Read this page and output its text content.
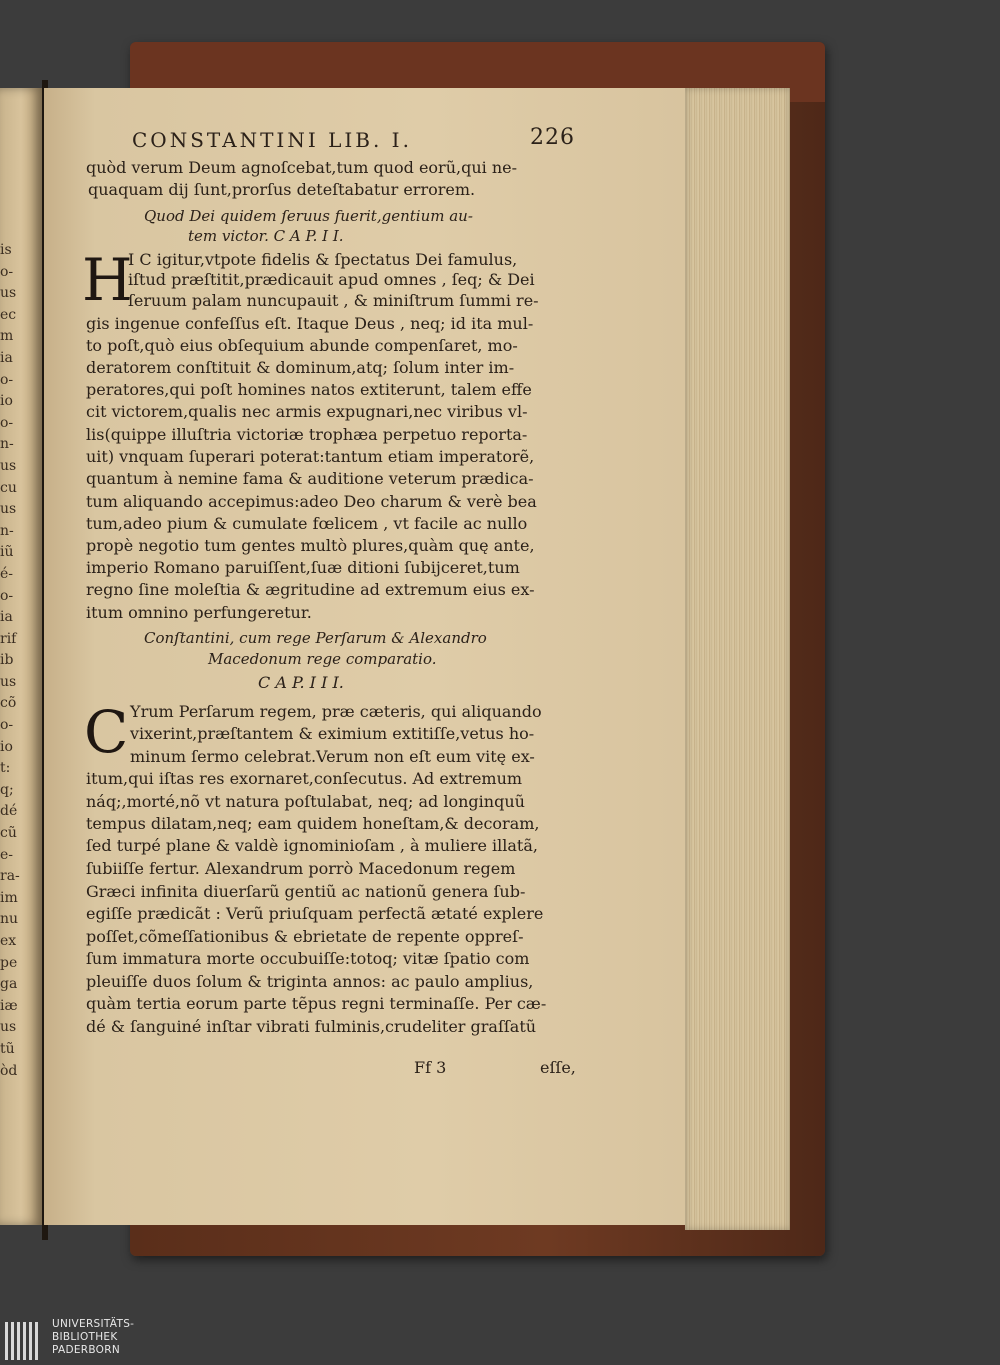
is
o-
us
ec
m
ia
o-
io
o-
n-
us
cu
us
n-
iũ
é-
o-
ia
rif
ib
us
cõ
o-
io
t:
q;
dé
cũ
e-
ra-
im
nu
ex
pe
ga
iæ
us
tũ
òd
CONSTANTINI LIB. I.	226
quòd verum Deum agnoſcebat,tum quod eorũ,qui ne-
quaquam dij ſunt,prorſus deteſtabatur errorem.
Quod Dei quidem ſeruus fuerit,gentium au-
tem victor. C A P. I I.
I C igitur,vtpote fidelis & ſpectatus Dei famulus,
iſtud præſtitit,prædicauit apud omnes , ſeq; & Dei
ſeruum palam nuncupauit , & miniſtrum ſummi re-
gis ingenue confeſſus eſt. Itaque Deus , neq; id ita mul-
to poſt,quò eius obſequium abunde compenſaret, mo-
deratorem conſtituit & dominum,atq; ſolum inter im-
peratores,qui poſt homines natos extiterunt, talem effe
cit victorem,qualis nec armis expugnari,nec viribus vl-
lis(quippe illuſtria victoriæ trophæa perpetuo reporta-
uit) vnquam ſuperari poterat:tantum etiam imperatorẽ,
quantum à nemine fama & auditione veterum prædica-
tum aliquando accepimus:adeo Deo charum & verè bea
tum,adeo pium & cumulate fœlicem , vt facile ac nullo
propè negotio tum gentes multò plures,quàm quę ante,
imperio Romano paruiſſent,ſuæ ditioni ſubijceret,tum
regno ſine moleſtia & ægritudine ad extremum eius ex-
itum omnino perfungeretur.
Conſtantini, cum rege Perſarum & Alexandro
Macedonum rege comparatio.
C A P. I I I.
Yrum Perſarum regem, præ cæteris, qui aliquando
vixerint,præſtantem & eximium extitiſſe,vetus ho-
minum ſermo celebrat.Verum non eſt eum vitę ex-
itum,qui iſtas res exornaret,conſecutus. Ad extremum
náq;,morté,nõ vt natura poſtulabat, neq; ad longinquũ
tempus dilatam,neq; eam quidem honeſtam,& decoram,
ſed turpé plane & valdè ignominioſam , à muliere illatã,
ſubiiſſe fertur. Alexandrum porrò Macedonum regem
Græci infinita diuerſarũ gentiũ ac nationũ genera ſub-
egiſſe prædicãt : Verũ priuſquam perfectã ætaté explere
poſſet,cõmeſſationibus & ebrietate de repente oppreſ-
ſum immatura morte occubuiſſe:totoq; vitæ ſpatio com
pleuiſſe duos ſolum & triginta annos: ac paulo amplius,
quàm tertia eorum parte tẽpus regni terminaſſe. Per cæ-
dé & ſanguiné inſtar vibrati fulminis,crudeliter graſſatũ
H
C
Ff 3	eſſe,
UNIVERSITÄTS-
BIBLIOTHEK
PADERBORN
